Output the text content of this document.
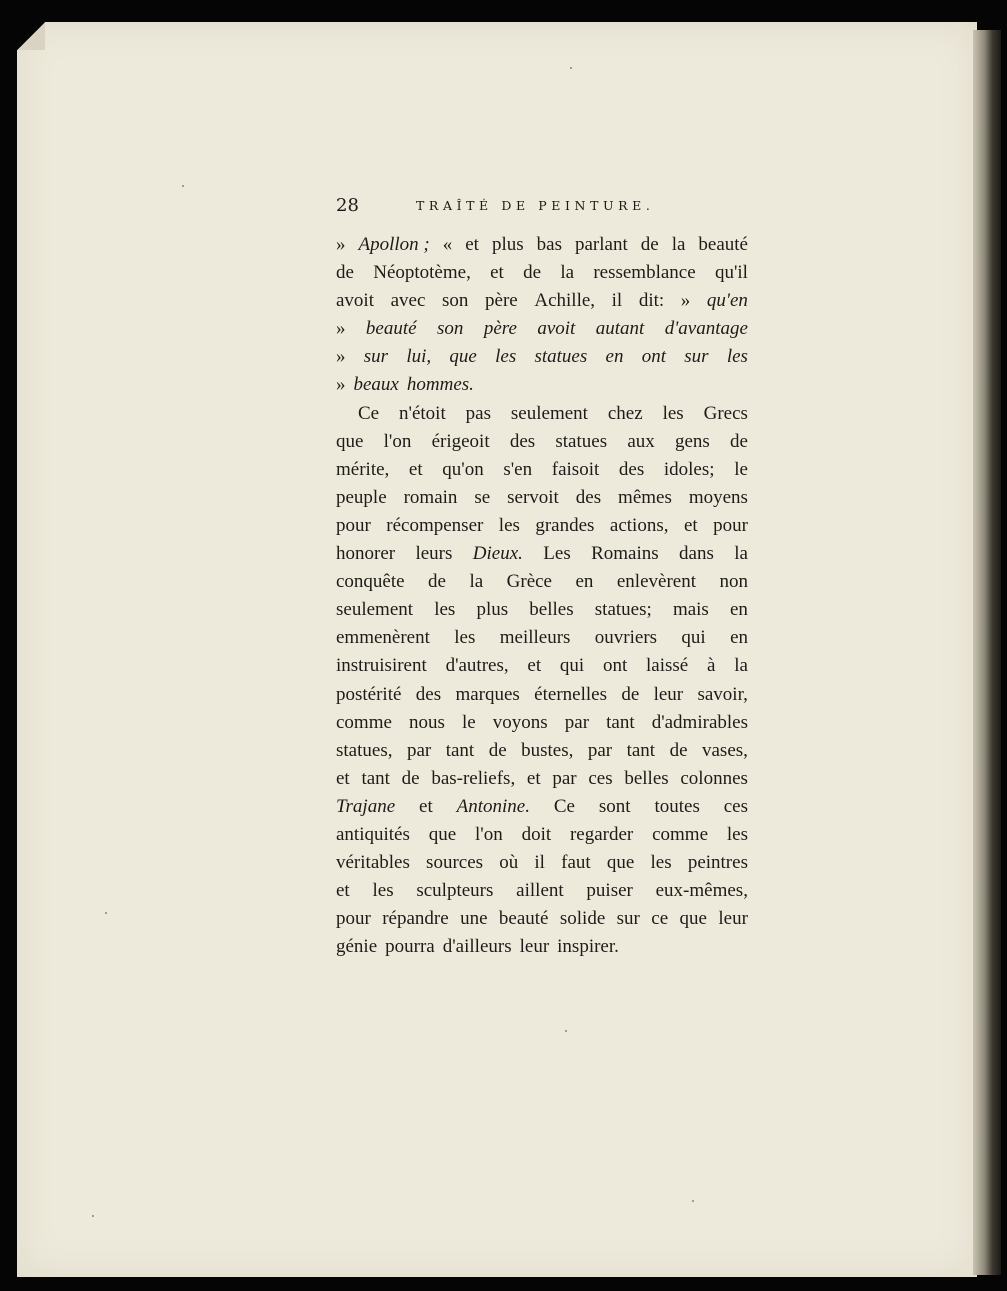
28	TRAÎTÉ DE PEINTURE.
» Apollon ; « et plus bas parlant de la beauté
de Néoptotème, et de la ressemblance qu'il
avoit avec son père Achille, il dit: » qu'en
» beauté son père avoit autant d'avantage
» sur lui, que les statues en ont sur les
» beaux hommes.
Ce n'étoit pas seulement chez les Grecs
que l'on érigeoit des statues aux gens de
mérite, et qu'on s'en faisoit des idoles; le
peuple romain se servoit des mêmes moyens
pour récompenser les grandes actions, et pour
honorer leurs Dieux. Les Romains dans la
conquête de la Grèce en enlevèrent non
seulement les plus belles statues; mais en
emmenèrent les meilleurs ouvriers qui en
instruisirent d'autres, et qui ont laissé à la
postérité des marques éternelles de leur savoir,
comme nous le voyons par tant d'admirables
statues, par tant de bustes, par tant de vases,
et tant de bas-reliefs, et par ces belles colonnes
Trajane et Antonine. Ce sont toutes ces
antiquités que l'on doit regarder comme les
véritables sources où il faut que les peintres
et les sculpteurs aillent puiser eux-mêmes,
pour répandre une beauté solide sur ce que leur
génie pourra d'ailleurs leur inspirer.
